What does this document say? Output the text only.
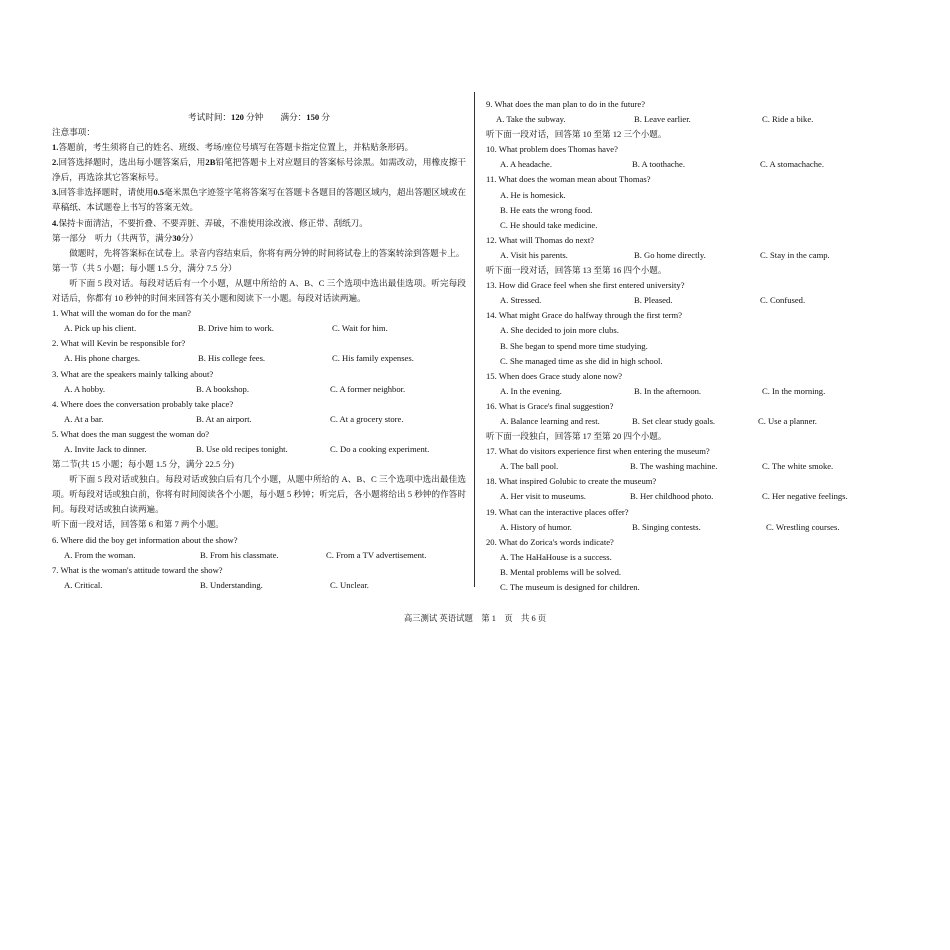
考试时间：120 分钟　　 满分：150 分
注意事项：
1.答题前，考生须将自己的姓名、班级、考场/座位号填写在答题卡指定位置上，并粘贴条形码。
2.回答选择题时，选出每小题答案后，用2B铅笔把答题卡上对应题目的答案标号涂黑。如需改动，用橡皮擦干净后，再选涂其它答案标号。
3.回答非选择题时，请使用0.5毫米黑色字迹签字笔将答案写在答题卡各题目的答题区域内，超出答题区域或在草稿纸、本试题卷上书写的答案无效。
4.保持卡面清洁，不要折叠、不要弄脏、弄破，不准使用涂改液、修正带、刮纸刀。
第一部分　听力（共两节，满分30分）
做题时，先将答案标在试卷上。录音内容结束后，你将有两分钟的时间将试卷上的答案转涂到答题卡上。
第一节（共 5 小题；每小题 1.5 分，满分 7.5 分）
听下面 5 段对话。每段对话后有一个小题，从题中所给的 A、B、C 三个选项中选出最佳选项。听完每段对话后，你都有 10 秒钟的时间来回答有关小题和阅读下一小题。每段对话读两遍。
1. What will the woman do for the man?
A. Pick up his client.	B. Drive him to work.	C. Wait for him.
2. What will Kevin be responsible for?
A. His phone charges.	B. His college fees.	C. His family expenses.
3. What are the speakers mainly talking about?
A. A hobby.	B. A bookshop.	C. A former neighbor.
4. Where does the conversation probably take place?
A. At a bar.	B. At an airport.	C. At a grocery store.
5. What does the man suggest the woman do?
A. Invite Jack to dinner.	B. Use old recipes tonight.	C. Do a cooking experiment.
第二节(共 15 小题；每小题 1.5 分，满分 22.5 分)
听下面 5 段对话或独白。每段对话或独白后有几个小题，从题中所给的 A、B、C 三个选项中选出最佳选项。听每段对话或独白前，你将有时间阅读各个小题，每小题 5 秒钟；听完后，各小题将给出 5 秒钟的作答时间。每段对话或独白读两遍。
听下面一段对话，回答第 6 和第 7 两个小题。
6. Where did the boy get information about the show?
A. From the woman.	B. From his classmate.	C. From a TV advertisement.
7. What is the woman's attitude toward the show?
A. Critical.	B. Understanding.	C. Unclear.
9. What does the man plan to do in the future?
A. Take the subway.	B. Leave earlier.	C. Ride a bike.
听下面一段对话，回答第 10 至第 12 三个小题。
10. What problem does Thomas have?
A. A headache.	B. A toothache.	C. A stomachache.
11. What does the woman mean about Thomas?
A. He is homesick.
B. He eats the wrong food.
C. He should take medicine.
12. What will Thomas do next?
A. Visit his parents.	B. Go home directly.	C. Stay in the camp.
听下面一段对话，回答第 13 至第 16 四个小题。
13. How did Grace feel when she first entered university?
A. Stressed.	B. Pleased.	C. Confused.
14. What might Grace do halfway through the first term?
A. She decided to join more clubs.
B. She began to spend more time studying.
C. She managed time as she did in high school.
15. When does Grace study alone now?
A. In the evening.	B. In the afternoon.	C. In the morning.
16. What is Grace's final suggestion?
A. Balance learning and rest.	B. Set clear study goals.	C. Use a planner.
听下面一段独白，回答第 17 至第 20 四个小题。
17. What do visitors experience first when entering the museum?
A. The ball pool.	B. The washing machine.	C. The white smoke.
18. What inspired Golubic to create the museum?
A. Her visit to museums.	B. Her childhood photo.	C. Her negative feelings.
19. What can the interactive places offer?
A. History of humor.	B. Singing contests.	C. Wrestling courses.
20. What do Zorica's words indicate?
A. The HaHaHouse is a success.
B. Mental problems will be solved.
C. The museum is designed for children.
高三测试 英语试题　第 1　 页　共 6 页
